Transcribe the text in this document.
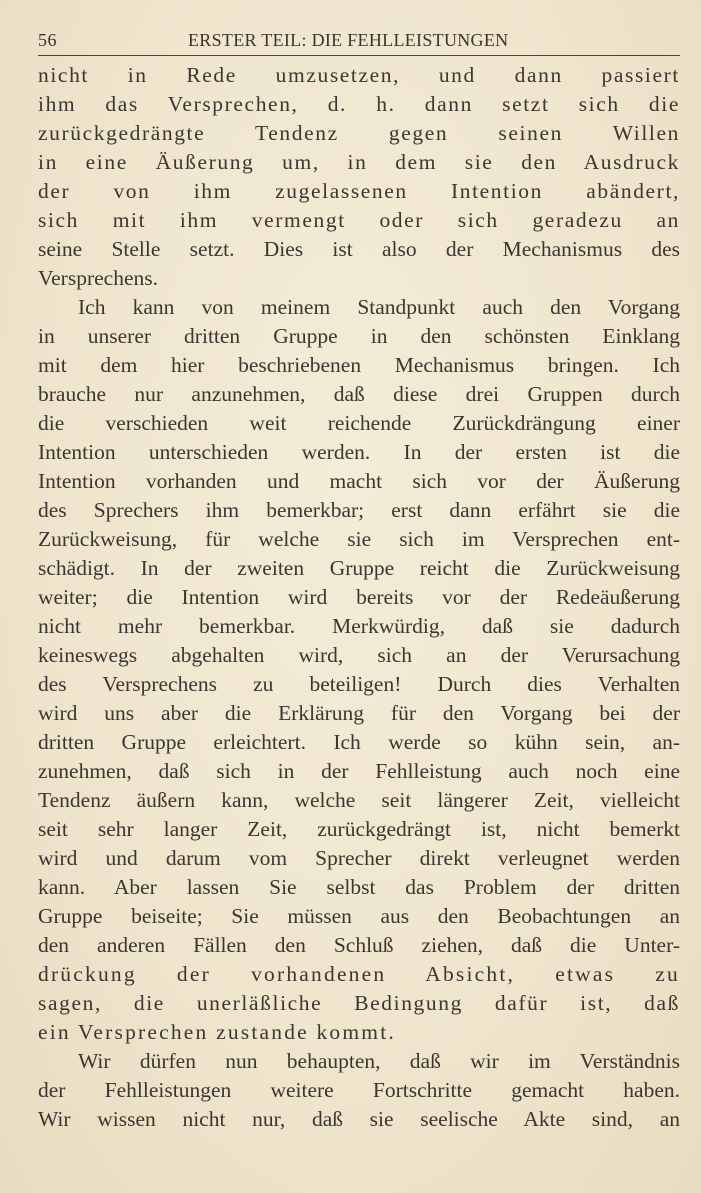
56	ERSTER TEIL: DIE FEHLLEISTUNGEN
nicht in Rede umzusetzen, und dann passiert
ihm das Versprechen, d. h. dann setzt sich die
zurückgedrängte Tendenz gegen seinen Willen
in eine Äußerung um, in dem sie den Ausdruck
der von ihm zugelassenen Intention abändert,
sich mit ihm vermengt oder sich geradezu an
seine Stelle setzt. Dies ist also der Mechanismus des
Versprechens.
Ich kann von meinem Standpunkt auch den Vorgang
in unserer dritten Gruppe in den schönsten Einklang
mit dem hier beschriebenen Mechanismus bringen. Ich
brauche nur anzunehmen, daß diese drei Gruppen durch
die verschieden weit reichende Zurückdrängung einer
Intention unterschieden werden. In der ersten ist die
Intention vorhanden und macht sich vor der Äußerung
des Sprechers ihm bemerkbar; erst dann erfährt sie die
Zurückweisung, für welche sie sich im Versprechen ent-
schädigt. In der zweiten Gruppe reicht die Zurückweisung
weiter; die Intention wird bereits vor der Redeäußerung
nicht mehr bemerkbar. Merkwürdig, daß sie dadurch
keineswegs abgehalten wird, sich an der Verursachung
des Versprechens zu beteiligen! Durch dies Verhalten
wird uns aber die Erklärung für den Vorgang bei der
dritten Gruppe erleichtert. Ich werde so kühn sein, an-
zunehmen, daß sich in der Fehlleistung auch noch eine
Tendenz äußern kann, welche seit längerer Zeit, vielleicht
seit sehr langer Zeit, zurückgedrängt ist, nicht bemerkt
wird und darum vom Sprecher direkt verleugnet werden
kann. Aber lassen Sie selbst das Problem der dritten
Gruppe beiseite; Sie müssen aus den Beobachtungen an
den anderen Fällen den Schluß ziehen, daß die Unter-
drückung der vorhandenen Absicht, etwas zu
sagen, die unerläßliche Bedingung dafür ist, daß
ein Versprechen zustande kommt.
Wir dürfen nun behaupten, daß wir im Verständnis
der Fehlleistungen weitere Fortschritte gemacht haben.
Wir wissen nicht nur, daß sie seelische Akte sind, an
